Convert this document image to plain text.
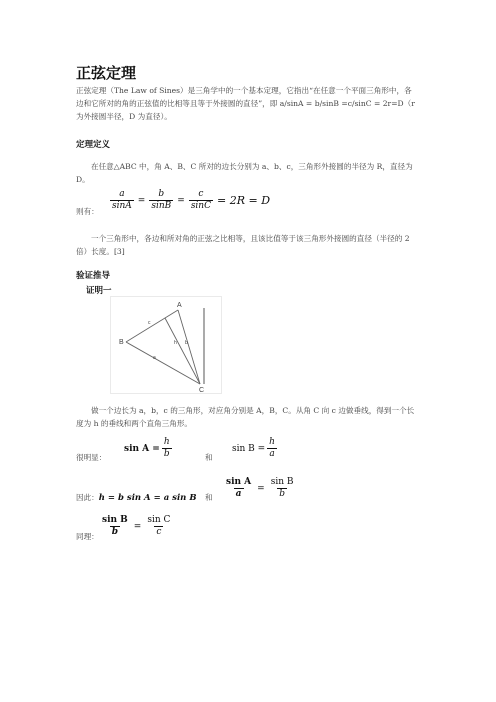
正弦定理
正弦定理（The Law of Sines）是三角学中的一个基本定理，它指出“在任意一个平面三角形中，各边和它所对的角的正弦值的比相等且等于外接圆的直径”，即 a/sinA = b/sinB =c/sinC = 2r=D（r 为外接圆半径，D 为直径）。
定理定义
在任意△ABC 中，角 A、B、C 所对的边长分别为 a、b、c，三角形外接圆的半径为 R，直径为 D。
则有： $\frac{a}{\sin A} = \frac{b}{\sin B} = \frac{c}{\sin C} = 2R = D$
一个三角形中，各边和所对角的正弦之比相等，且该比值等于该三角形外接圆的直径（半径的 2 倍）长度。[3]
验证推导
证明一
A
B
C
c
a
b
h
做一个边长为 a，b，c 的三角形，对应角分别是 A，B，C。从角 C 向 c 边做垂线，得到一个长度为 h 的垂线和两个直角三角形。
很明显：
$\sin A = \frac{h}{b}$	和
$\sin B = \frac{h}{a}$
因此： h = b sin A = a sin B 和 $\frac{\text{sin A}}{a} = \frac{\text{sin B}}{b}$
同理： $\frac{\text{sin B}}{b} = \frac{\text{sin C}}{c}$
